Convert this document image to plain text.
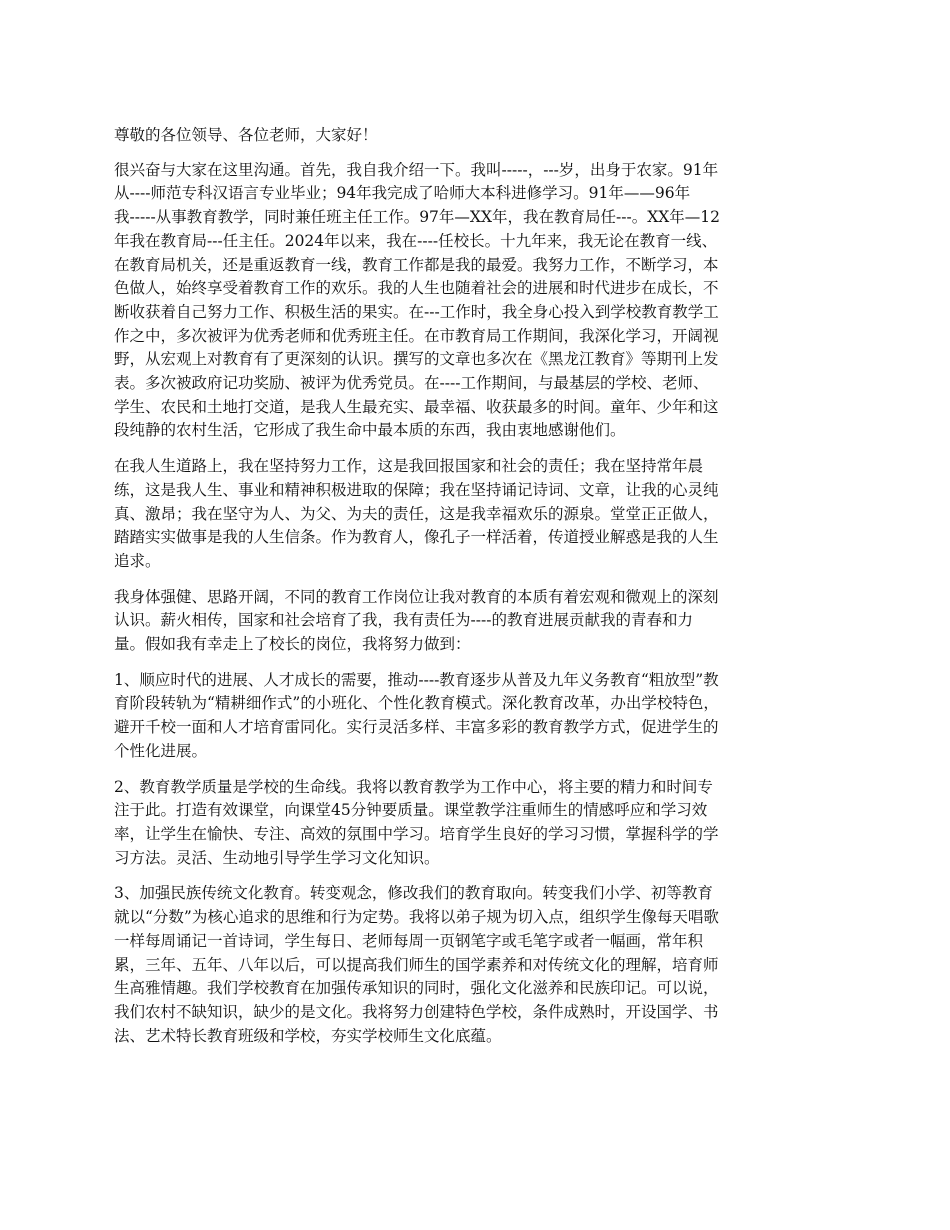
尊敬的各位领导、各位老师，大家好！

很兴奋与大家在这里沟通。首先，我自我介绍一下。我叫-----，---岁，出身于农家。91年
从----师范专科汉语言专业毕业；94年我完成了哈师大本科进修学习。91年——96年
我-----从事教育教学，同时兼任班主任工作。97年—XX年，我在教育局任---。XX年—12
年我在教育局---任主任。2024年以来，我在----任校长。十九年来，我无论在教育一线、
在教育局机关，还是重返教育一线，教育工作都是我的最爱。我努力工作，不断学习，本
色做人，始终享受着教育工作的欢乐。我的人生也随着社会的进展和时代进步在成长，不
断收获着自己努力工作、积极生活的果实。在---工作时，我全身心投入到学校教育教学工
作之中，多次被评为优秀老师和优秀班主任。在市教育局工作期间，我深化学习，开阔视
野，从宏观上对教育有了更深刻的认识。撰写的文章也多次在《黑龙江教育》等期刊上发
表。多次被政府记功奖励、被评为优秀党员。在----工作期间，与最基层的学校、老师、
学生、农民和土地打交道，是我人生最充实、最幸福、收获最多的时间。童年、少年和这
段纯静的农村生活，它形成了我生命中最本质的东西，我由衷地感谢他们。

在我人生道路上，我在坚持努力工作，这是我回报国家和社会的责任；我在坚持常年晨
练，这是我人生、事业和精神积极进取的保障；我在坚持诵记诗词、文章，让我的心灵纯
真、激昂；我在坚守为人、为父、为夫的责任，这是我幸福欢乐的源泉。堂堂正正做人，
踏踏实实做事是我的人生信条。作为教育人，像孔子一样活着，传道授业解惑是我的人生
追求。

我身体强健、思路开阔，不同的教育工作岗位让我对教育的本质有着宏观和微观上的深刻
认识。薪火相传，国家和社会培育了我，我有责任为----的教育进展贡献我的青春和力
量。假如我有幸走上了校长的岗位，我将努力做到：

1、顺应时代的进展、人才成长的需要，推动----教育逐步从普及九年义务教育“粗放型”教
育阶段转轨为“精耕细作式”的小班化、个性化教育模式。深化教育改革，办出学校特色，
避开千校一面和人才培育雷同化。实行灵活多样、丰富多彩的教育教学方式，促进学生的
个性化进展。

2、教育教学质量是学校的生命线。我将以教育教学为工作中心，将主要的精力和时间专
注于此。打造有效课堂，向课堂45分钟要质量。课堂教学注重师生的情感呼应和学习效
率，让学生在愉快、专注、高效的氛围中学习。培育学生良好的学习习惯，掌握科学的学
习方法。灵活、生动地引导学生学习文化知识。

3、加强民族传统文化教育。转变观念，修改我们的教育取向。转变我们小学、初等教育
就以“分数”为核心追求的思维和行为定势。我将以弟子规为切入点，组织学生像每天唱歌
一样每周诵记一首诗词，学生每日、老师每周一页钢笔字或毛笔字或者一幅画，常年积
累，三年、五年、八年以后，可以提高我们师生的国学素养和对传统文化的理解，培育师
生高雅情趣。我们学校教育在加强传承知识的同时，强化文化滋养和民族印记。可以说，
我们农村不缺知识，缺少的是文化。我将努力创建特色学校，条件成熟时，开设国学、书
法、艺术特长教育班级和学校，夯实学校师生文化底蕴。
